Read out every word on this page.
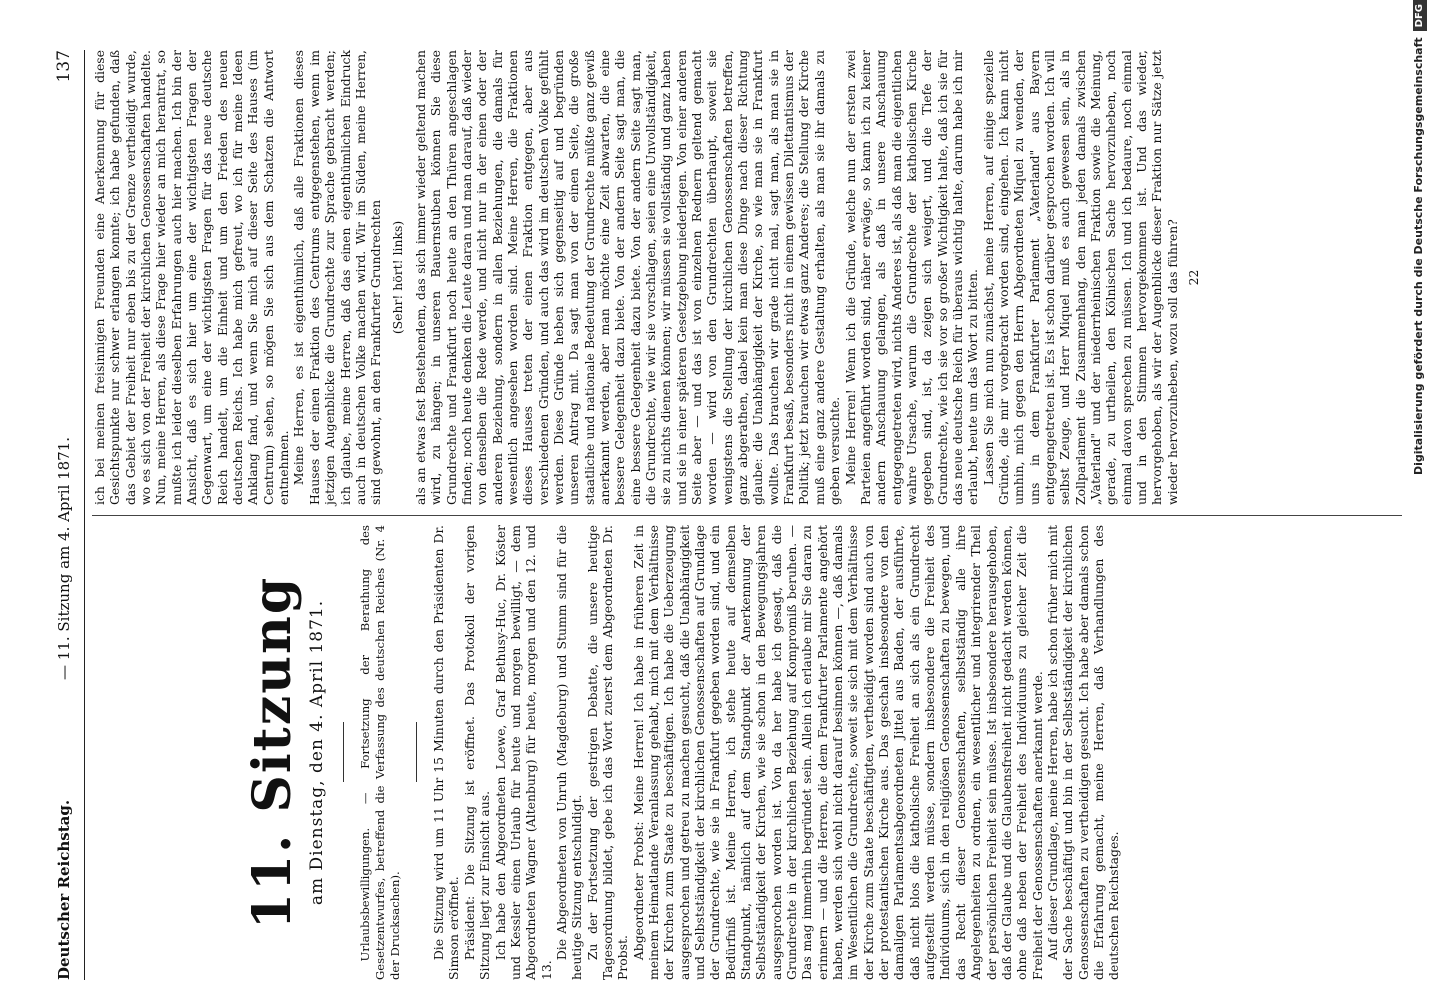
Deutscher Reichstag.
— 11. Sitzung am 4. April 1871.
137
11. Sitzung am Dienstag, den 4. April 1871.	Urlaubsbewilligungen. — Fortsetzung der Berathung des Gesetzentwurfes, betreffend die Verfassung des deutschen Reiches (Nr. 4 der Drucksachen). Die Sitzung wird um 11 Uhr 15 Minuten durch den Präsidenten Dr. Simson eröffnet. Präsident: Die Sitzung ist eröffnet. Das Protokoll der vorigen Sitzung liegt zur Einsicht aus. Ich habe den Abgeordneten Loewe, Graf Bethusy-Huc, Dr. Köster und Kessler einen Urlaub für heute und morgen bewilligt, — dem Abgeordneten Wagner (Altenburg) für heute, morgen und den 12. und 13.

Die Abgeordneten von Unruh (Magdeburg) und Stumm sind für die heutige Sitzung entschuldigt. Zu der Fortsetzung der gestrigen Debatte, die unsere heutige Tagesordnung bildet, gebe ich das Wort zuerst dem Abgeordneten Dr. Probst. Abgeordneter Probst: Meine Herren! Ich habe in früheren Zeit in meinem Heimatlande Veranlassung gehabt, mich mit dem Verhältnisse der Kirchen zum Staate zu beschäftigen. Ich habe die Ueberzeugung ausgesprochen und getreu zu machen gesucht, daß die Unabhängigkeit und Selbstständigkeit der kirchlichen Genossenschaften auf Grundlage der Grundrechte, wie sie in Frankfurt gegeben worden sind, und ein Bedürfniß ist. Meine Herren, ich stehe heute auf demselben Standpunkt, nämlich auf dem Standpunkt der Anerkennung der Selbstständigkeit der Kirchen, wie sie schon in den Bewegungsjahren ausgesprochen worden ist. Von da her habe ich gesagt, daß die Grundrechte in der kirchlichen Beziehung auf Kompromiß beruhen. — Das mag immerhin begründet sein. Allein ich erlaube mir Sie daran zu erinnern — und die Herren, die dem Frankfurter Parlamente angehört haben, werden sich wohl nicht darauf besinnen können —, daß damals im Wesentlichen die Grundrechte, soweit sie sich mit dem Verhältnisse der Kirche zum Staate beschäftigten, vertheidigt worden sind auch von der protestantischen Kirche aus. Das geschah insbesondere von den damaligen Parlamentsabgeordneten Jittel aus Baden, der ausführte, daß nicht blos die katholische Freiheit an sich als ein Grundrecht aufgestellt werden müsse, sondern insbesondere die Freiheit des Individuums, sich in den religiösen Genossenschaften zu bewegen, und das Recht dieser Genossenschaften, selbstständig alle ihre Angelegenheiten zu ordnen, ein wesentlicher und integrirender Theil der persönlichen Freiheit sein müsse. Ist insbesondere herausgehoben, daß der Glaube und die Glaubensfreiheit nicht gedacht werden können, ohne daß neben der Freiheit des Individuums zu gleicher Zeit die Freiheit der Genossenschaften anerkannt werde. Auf dieser Grundlage, meine Herren, habe ich schon früher mich mit der Sache beschäftigt und bin in der Selbstständigkeit der kirchlichen Genossenschaften zu vertheidigen gesucht. Ich habe aber damals schon die Erfahrung gemacht, meine Herren, daß Verhandlungen des deutschen Reichstages.

ich bei meinen freisinnigen Freunden eine Anerkennung für diese Gesichtspunkte nur schwer erlangen konnte; ich habe gefunden, daß das Gebiet der Freiheit nur eben bis zu der Grenze vertheidigt wurde, wo es sich von der Freiheit der kirchlichen Genossenschaften handelte. Nun, meine Herren, als diese Frage hier wieder an mich herantrat, so mußte ich leider dieselben Erfahrungen auch hier machen. Ich bin der Ansicht, daß es sich hier um eine der wichtigsten Fragen der Gegenwart, um eine der wichtigsten Fragen für das neue deutsche Reich handelt, um die Einheit und um den Frieden des neuen deutschen Reichs. Ich habe mich gefreut, wo ich für meine Ideen Anklang fand, und wenn Sie mich auf dieser Seite des Hauses (im Centrum) sehen, so mögen Sie sich aus dem Schatzen die Antwort entnehmen. Meine Herren, es ist eigenthümlich, daß alle Fraktionen dieses Hauses der einen Fraktion des Centrums entgegenstehen, wenn im jetzigen Augenblicke die Grundrechte zur Sprache gebracht werden; ich glaube, meine Herren, daß das einen eigenthümlichen Eindruck auch in deutschen Volke machen wird. Wir im Süden, meine Herren, sind gewohnt, an den Frankfurter Grundrechten (Sehr! hört! links) als an etwas fest Bestehendem, das sich immer wieder geltend machen wird, zu hängen; in unseren Bauernstuben können Sie diese Grundrechte und Frankfurt noch heute an den Thüren angeschlagen finden; noch heute denken die Leute daran und man darauf, daß wieder von denselben die Rede werde, und nicht nur in der einen oder der anderen Beziehung, sondern in allen Beziehungen, die damals für wesentlich angesehen worden sind. Meine Herren, die Fraktionen dieses Hauses treten der einen Fraktion entgegen, aber aus verschiedenen Gründen, und auch das wird im deutschen Volke gefühlt werden. Diese Gründe heben sich gegenseitig auf und begründen unseren Antrag mit. Da sagt man von der einen Seite, die große staatliche und nationale Bedeutung der Grundrechte müßte ganz gewiß anerkannt werden, aber man möchte eine Zeit abwarten, die eine bessere Gelegenheit dazu biete. Von der andern Seite sagt man, die eine bessere Gelegenheit dazu biete. Von der andern Seite sagt man, die Grundrechte, wie wir sie vorschlagen, seien eine Unvollständigkeit, sie zu nichts dienen können; wir müssen sie vollständig und ganz haben und sie in einer späteren Gesetzgebung niederlegen. Von einer anderen Seite aber — und das ist von einzelnen Rednern geltend gemacht worden — wird von den Grundrechten überhaupt, soweit sie wenigstens die Stellung der kirchlichen Genossenschaften betreffen, ganz abgerathen, dabei kein man diese Dinge nach dieser Richtung glaube: die Unabhängigkeit der Kirche, so wie man sie in Frankfurt wollte. Das brauchen wir grade nicht mal, sagt man, als man sie in Frankfurt besaß, besonders nicht in einem gewissen Dilettantismus der Politik; jetzt brauchen wir etwas ganz Anderes; die Stellung der Kirche muß eine ganz andere Gestaltung erhalten, als man sie ihr damals zu geben versuchte. Meine Herren! Wenn ich die Gründe, welche nun der ersten zwei Parteien angeführt worden sind, näher erwäge, so kann ich zu keiner andern Anschauung gelangen, als daß in unsere Anschauung entgegengetreten wird, nichts Anderes ist, als daß man die eigentlichen wahre Ursache, warum die Grundrechte der katholischen Kirche gegeben sind, ist, da zeigen sich weigert, und die Tiefe der Grundrechte, wie ich sie vor so großer Wichtigkeit halte, daß ich sie für das neue deutsche Reich für überaus wichtig halte, darum habe ich mir erlaubt, heute um das Wort zu bitten. Lassen Sie mich nun zunächst, meine Herren, auf einige spezielle Gründe, die mir vorgebracht worden sind, eingehen. Ich kann nicht umhin, mich gegen den Herrn Abgeordneten Miquel zu wenden, der uns in dem Frankfurter Parlament „Vaterland" aus Bayern entgegengetreten ist. Es ist schon darüber gesprochen worden. Ich will selbst Zeuge, und Herr Miquel muß es auch gewesen sein, als in Zollparlament die Zusammenhang, den man jeden damals zwischen „Vaterland" und der niederrheinischen Fraktion sowie die Meinung, gerade, zu urtheilen, den Kölnischen Sache hervorzuheben, noch einmal davon sprechen zu müssen. Ich und ich bedaure, noch einmal und in den Stimmen hervorgekommen ist. Und das wieder, hervorgehoben, als wir der Augenblicke dieser Fraktion nur Sätze jetzt wieder hervorzuheben, wozu soll das führen? 22	Digitalisierung gefördert durch die Deutsche ForschungsgemeinschaftDFG
